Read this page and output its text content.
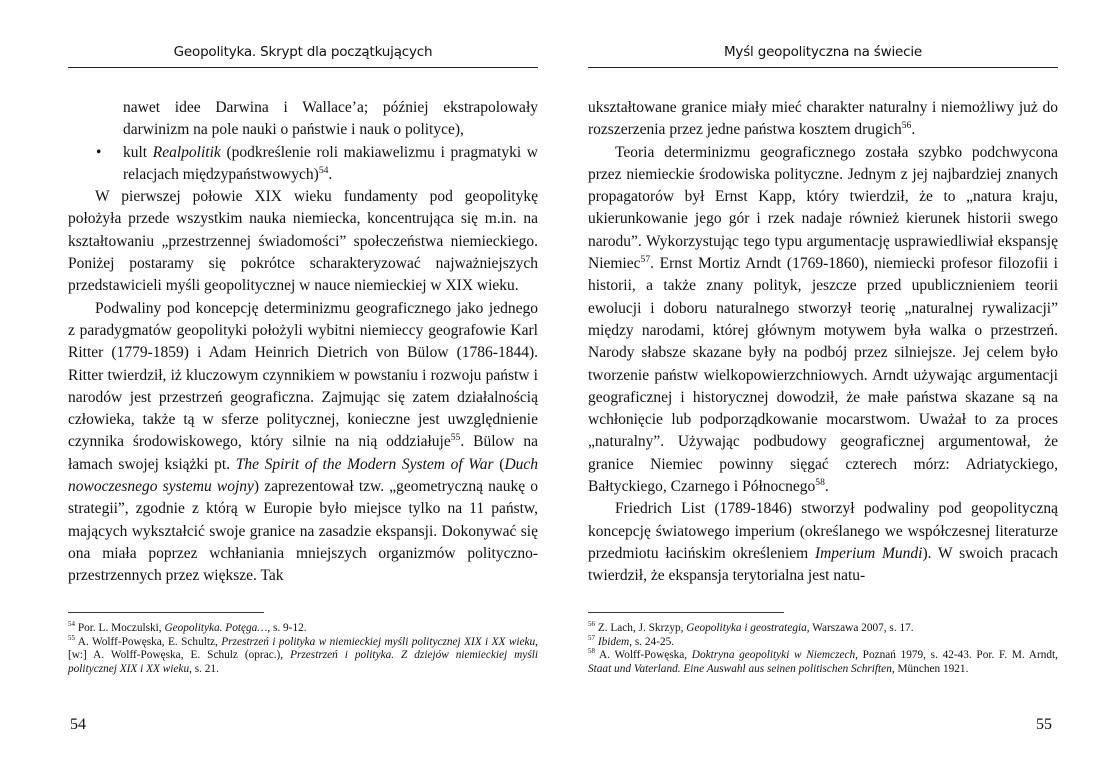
Geopolityka. Skrypt dla początkujących

nawet idee Darwina i Wallace’a; później ekstrapolowały darwinizm na pole nauki o państwie i nauk o polityce),

• kult Realpolitik (podkreślenie roli makiawelizmu i pragmatyki w relacjach międzypaństwowych)$^{54}$.

W pierwszej połowie XIX wieku fundamenty pod geopolitykę położyła przede wszystkim nauka niemiecka, koncentrująca się m.in. na kształtowaniu „przestrzennej świadomości” społeczeństwa niemieckiego. Poniżej postaramy się pokrótce scharakteryzować najważniejszych przedstawicieli myśli geopolitycznej w nauce niemieckiej w XIX wieku.

Podwaliny pod koncepcję determinizmu geograficznego jako jednego z paradygmatów geopolityki położyli wybitni niemieccy geografowie Karl Ritter (1779-1859) i Adam Heinrich Dietrich von Bülow (1786-1844). Ritter twierdził, iż kluczowym czynnikiem w powstaniu i rozwoju państw i narodów jest przestrzeń geograficzna. Zajmując się zatem działalnością człowieka, także tą w sferze politycznej, konieczne jest uwzględnienie czynnika środowiskowego, który silnie na nią oddziałuje$^{55}$. Bülow na łamach swojej książki pt. The Spirit of the Modern System of War (Duch nowoczesnego systemu wojny) zaprezentował tzw. „geometryczną naukę o strategii”, zgodnie z którą w Europie było miejsce tylko na 11 państw, mających wykształcić swoje granice na zasadzie ekspansji. Dokonywać się ona miała poprzez wchłaniania mniejszych organizmów polityczno-przestrzennych przez większe. Tak

$^{54}$ Por. L. Moczulski, Geopolityka. Potęga…, s. 9-12.

$^{55}$ A. Wolff-Powęska, E. Schultz, Przestrzeń i polityka w niemieckiej myśli politycznej XIX i XX wieku, [w:] A. Wolff-Powęska, E. Schulz (oprac.), Przestrzeń i polityka. Z dziejów niemieckiej myśli politycznej XIX i XX wieku, s. 21.

54
Myśl geopolityczna na świecie

ukształtowane granice miały mieć charakter naturalny i niemożliwy już do rozszerzenia przez jedne państwa kosztem drugich$^{56}$.

Teoria determinizmu geograficznego została szybko podchwycona przez niemieckie środowiska polityczne. Jednym z jej najbardziej znanych propagatorów był Ernst Kapp, który twierdził, że to „natura kraju, ukierunkowanie jego gór i rzek nadaje również kierunek historii swego narodu”. Wykorzystując tego typu argumentację usprawiedliwiał ekspansję Niemiec$^{57}$. Ernst Mortiz Arndt (1769-1860), niemiecki profesor filozofii i historii, a także znany polityk, jeszcze przed upublicznieniem teorii ewolucji i doboru naturalnego stworzył teorię „naturalnej rywalizacji” między narodami, której głównym motywem była walka o przestrzeń. Narody słabsze skazane były na podbój przez silniejsze. Jej celem było tworzenie państw wielkopowierzchniowych. Arndt używając argumentacji geograficznej i historycznej dowodził, że małe państwa skazane są na wchłonięcie lub podporządkowanie mocarstwom. Uważał to za proces „naturalny”. Używając podbudowy geograficznej argumentował, że granice Niemiec powinny sięgać czterech mórz: Adriatyckiego, Bałtyckiego, Czarnego i Północnego$^{58}$.

Friedrich List (1789-1846) stworzył podwaliny pod geopolityczną koncepcję światowego imperium (określanego we współczesnej literaturze przedmiotu łacińskim określeniem Imperium Mundi). W swoich pracach twierdził, że ekspansja terytorialna jest natu-

$^{56}$ Z. Lach, J. Skrzyp, Geopolityka i geostrategia, Warszawa 2007, s. 17.

$^{57}$ Ibidem, s. 24-25.

$^{58}$ A. Wolff-Powęska, Doktryna geopolityki w Niemczech, Poznań 1979, s. 42-43. Por. F. M. Arndt, Staat und Vaterland. Eine Auswahl aus seinen politischen Schriften, München 1921.

55
